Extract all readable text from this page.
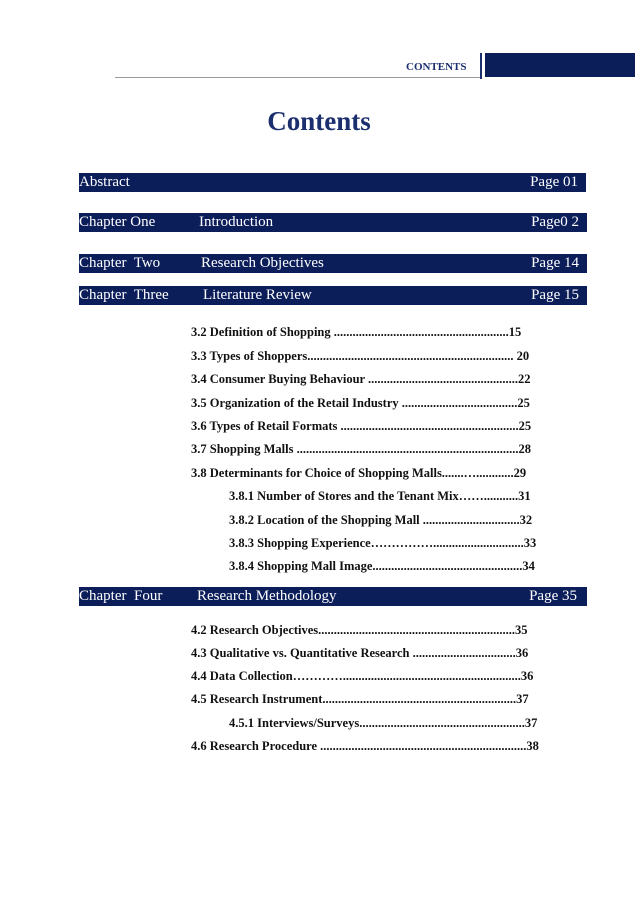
CONTENTS
Contents
Abstract	Page 01
Chapter One	Introduction	Page0 2
Chapter  Two	Research Objectives	Page 14
Chapter  Three Literature Review	Page 15
3.2 Definition of Shopping ........................................................15
3.3 Types of Shoppers.................................................................. 20
3.4 Consumer Buying Behaviour ................................................22
3.5 Organization of the Retail Industry .....................................25
3.6 Types of Retail Formats .........................................................25
3.7 Shopping Malls .......................................................................28
3.8 Determinants for Choice of Shopping Malls.......…............29
3.8.1 Number of Stores and the Tenant Mix……...........31
3.8.2 Location of the Shopping Mall ...............................32
3.8.3 Shopping Experience…………….............................33
3.8.4 Shopping Mall Image................................................34
Chapter  Four Research Methodology	Page 35
4.2 Research Objectives...............................................................35
4.3 Qualitative vs. Quantitative Research .................................36
4.4 Data Collection………….........................................................36
4.5 Research Instrument..............................................................37
4.5.1 Interviews/Surveys.....................................................37
4.6 Research Procedure ..................................................................38
